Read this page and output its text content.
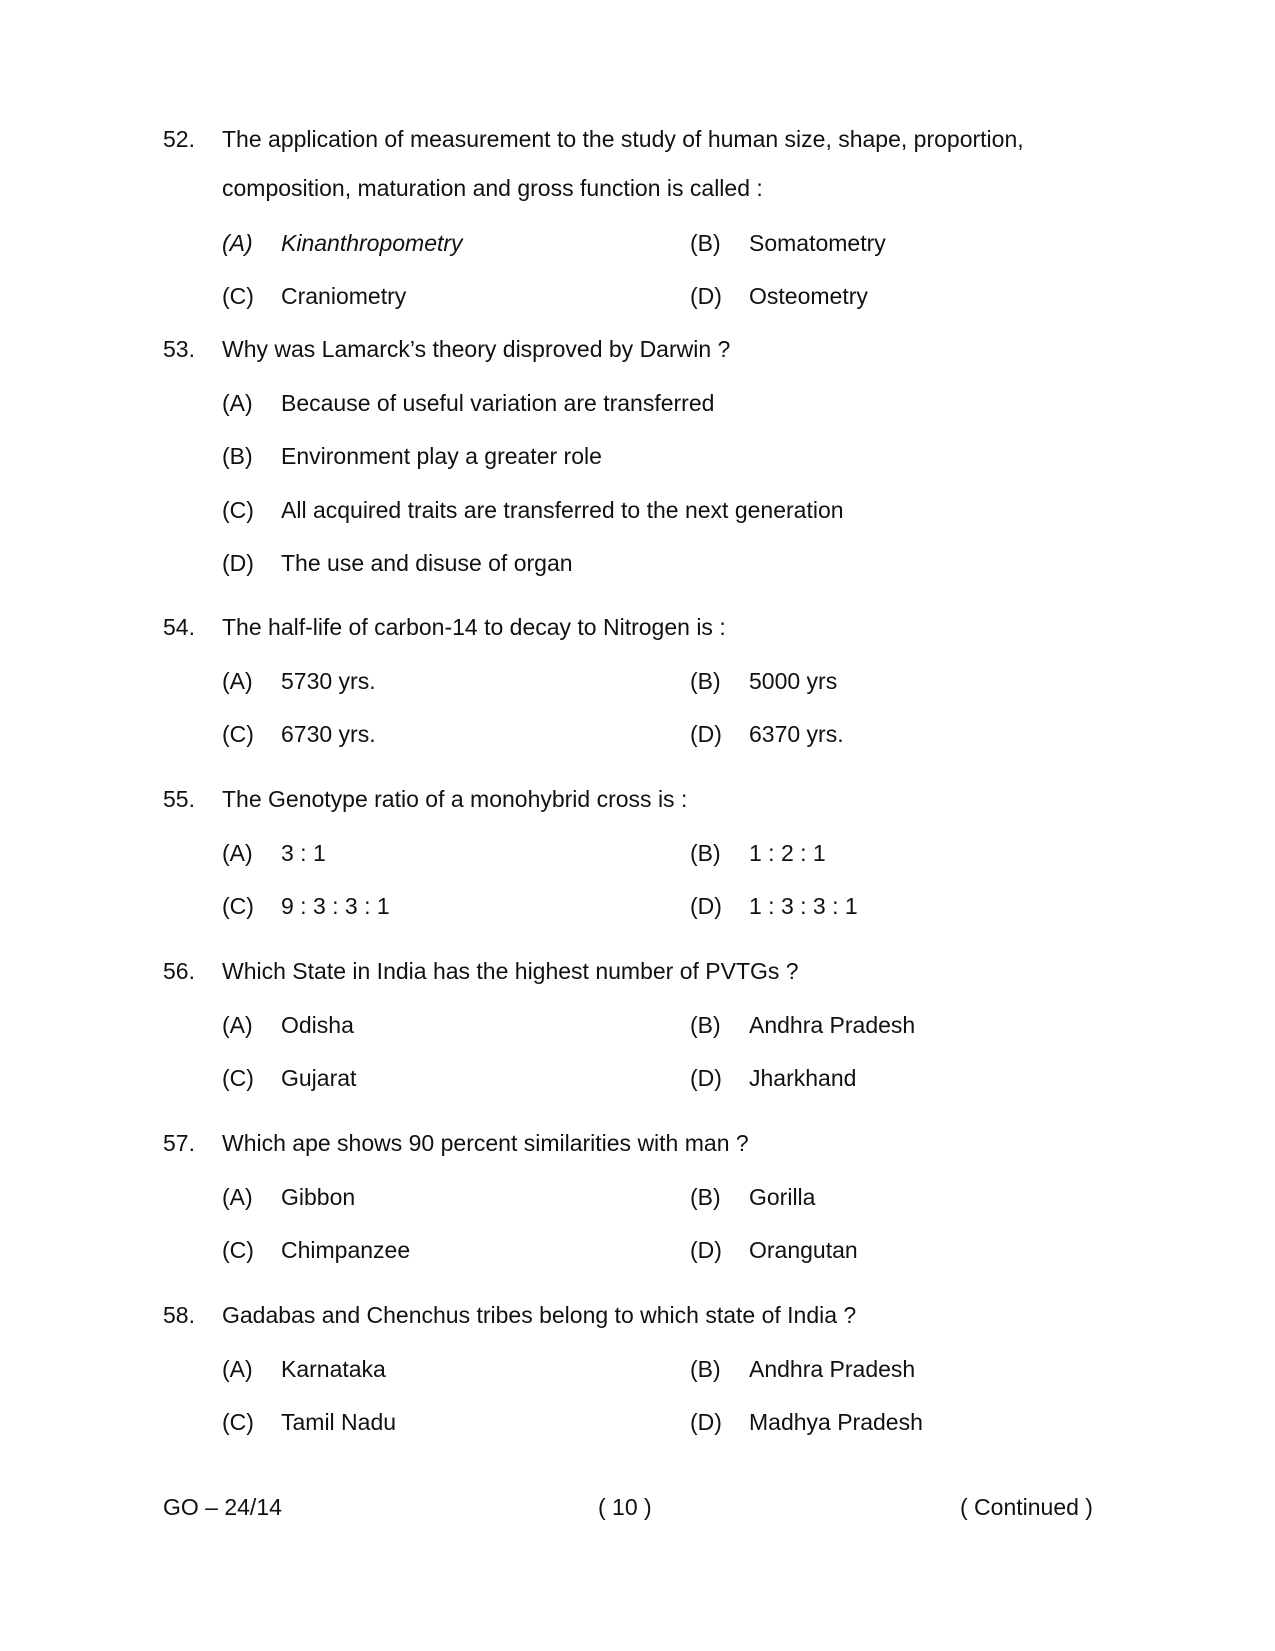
52. The application of measurement to the study of human size, shape, proportion, composition, maturation and gross function is called :
(A) Kinanthropometry	(B) Somatometry
(C) Craniometry	(D) Osteometry
53. Why was Lamarck’s theory disproved by Darwin ?
(A) Because of useful variation are transferred
(B) Environment play a greater role
(C) All acquired traits are transferred to the next generation
(D) The use and disuse of organ
54. The half-life of carbon-14 to decay to Nitrogen is :
(A) 5730 yrs.	(B) 5000 yrs
(C) 6730 yrs.	(D) 6370 yrs.
55. The Genotype ratio of a monohybrid cross is :
(A) 3 : 1	(B) 1 : 2 : 1
(C) 9 : 3 : 3 : 1	(D) 1 : 3 : 3 : 1
56. Which State in India has the highest number of PVTGs ?
(A) Odisha	(B) Andhra Pradesh
(C) Gujarat	(D) Jharkhand
57. Which ape shows 90 percent similarities with man ?
(A) Gibbon	(B) Gorilla
(C) Chimpanzee	(D) Orangutan
58. Gadabas and Chenchus tribes belong to which state of India ?
(A) Karnataka	(B) Andhra Pradesh
(C) Tamil Nadu	(D) Madhya Pradesh
GO – 24/14	( 10 )	( Continued )
